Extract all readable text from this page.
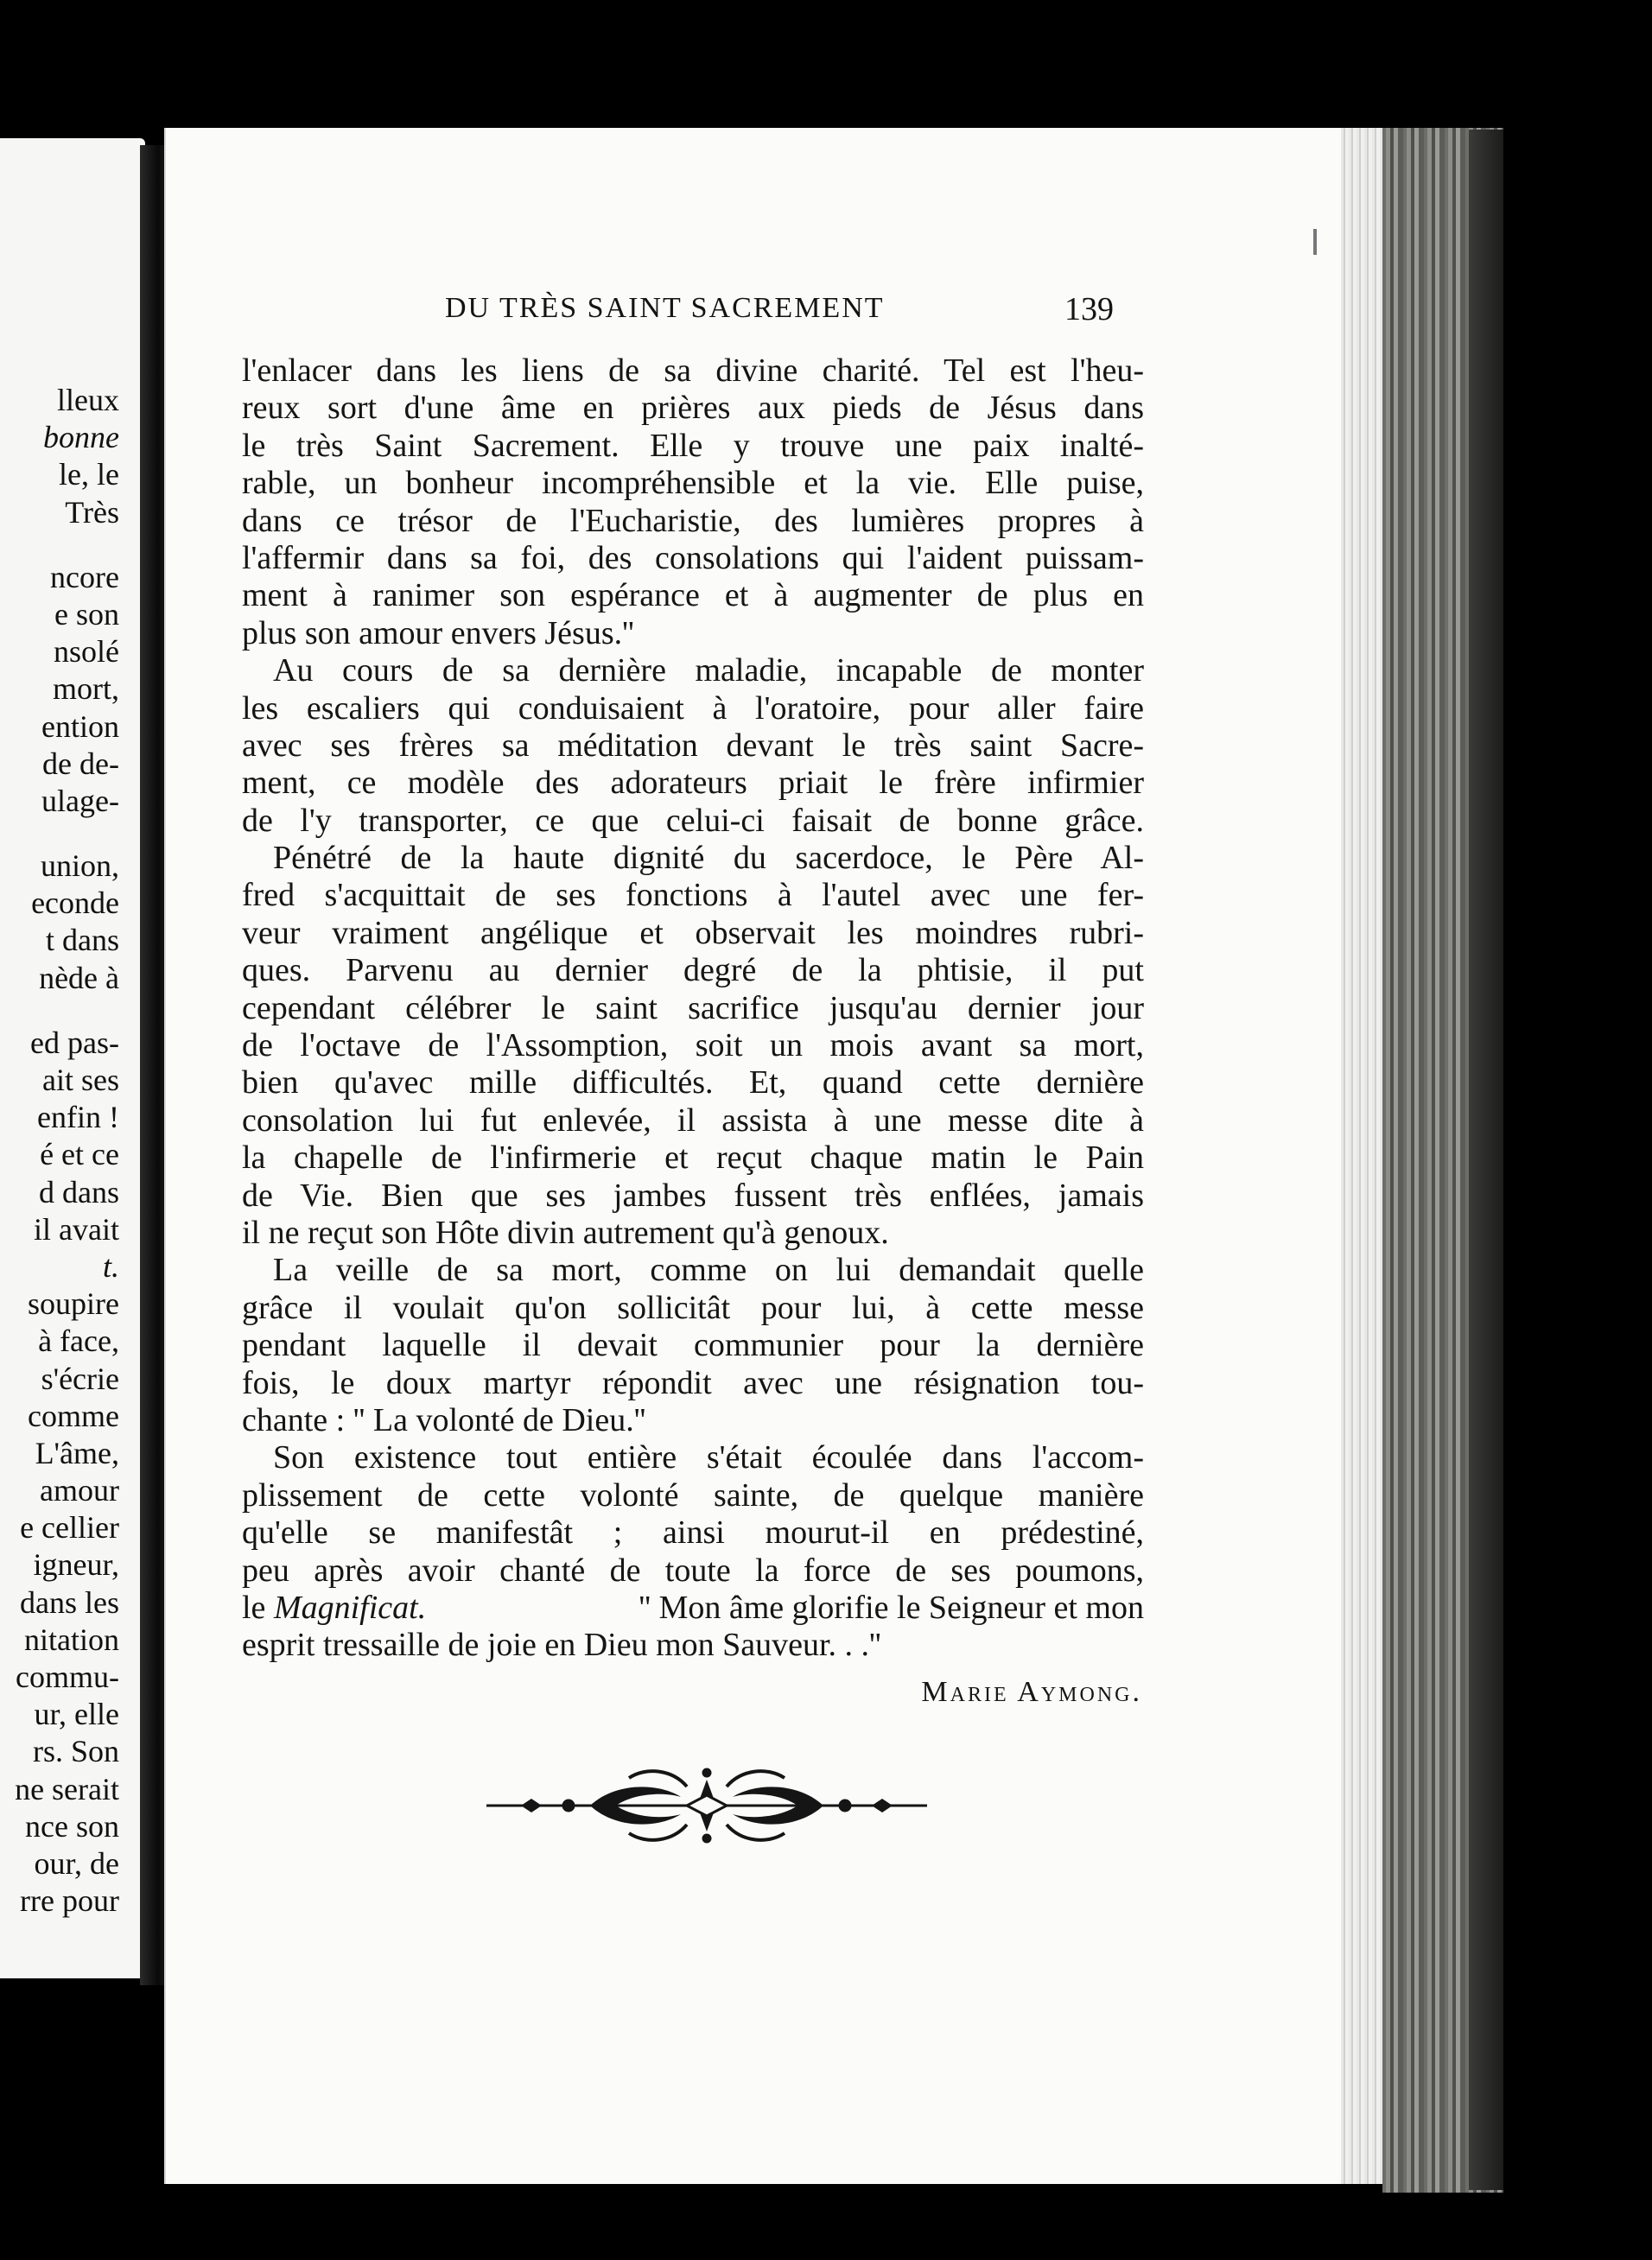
lleux
bonne
le, le
Très
ncore
e son
nsolé
mort,
ention
de de-
ulage-
union,
econde
t dans
nède à
ed pas-
ait ses
enfin !
é et ce
d dans
il avait
t.
soupire
à face,
s'écrie
comme
L'âme,
amour
e cellier
igneur,
dans les
nitation
commu-
ur, elle
rs. Son
ne serait
nce son
our, de
rre pour
DU TRÈS SAINT SACREMENT	139
l'enlacer dans les liens de sa divine charité. Tel est l'heu-
reux sort d'une âme en prières aux pieds de Jésus dans
le très Saint Sacrement. Elle y trouve une paix inalté-
rable, un bonheur incompréhensible et la vie. Elle puise,
dans ce trésor de l'Eucharistie, des lumières propres à
l'affermir dans sa foi, des consolations qui l'aident puissam-
ment à ranimer son espérance et à augmenter de plus en
plus son amour envers Jésus.''
Au cours de sa dernière maladie, incapable de monter
les escaliers qui conduisaient à l'oratoire, pour aller faire
avec ses frères sa méditation devant le très saint Sacre-
ment, ce modèle des adorateurs priait le frère infirmier
de l'y transporter, ce que celui-ci faisait de bonne grâce.
Pénétré de la haute dignité du sacerdoce, le Père Al-
fred s'acquittait de ses fonctions à l'autel avec une fer-
veur vraiment angélique et observait les moindres rubri-
ques. Parvenu au dernier degré de la phtisie, il put
cependant célébrer le saint sacrifice jusqu'au dernier jour
de l'octave de l'Assomption, soit un mois avant sa mort,
bien qu'avec mille difficultés. Et, quand cette dernière
consolation lui fut enlevée, il assista à une messe dite à
la chapelle de l'infirmerie et reçut chaque matin le Pain
de Vie. Bien que ses jambes fussent très enflées, jamais
il ne reçut son Hôte divin autrement qu'à genoux.
La veille de sa mort, comme on lui demandait quelle
grâce il voulait qu'on sollicitât pour lui, à cette messe
pendant laquelle il devait communier pour la dernière
fois, le doux martyr répondit avec une résignation tou-
chante : '' La volonté de Dieu.''
Son existence tout entière s'était écoulée dans l'accom-
plissement de cette volonté sainte, de quelque manière
qu'elle se manifestât ; ainsi mourut-il en prédestiné,
peu après avoir chanté de toute la force de ses poumons,
le Magnificat.	'' Mon âme glorifie le Seigneur et mon
esprit tressaille de joie en Dieu mon Sauveur. . .''
Marie Aymong.
